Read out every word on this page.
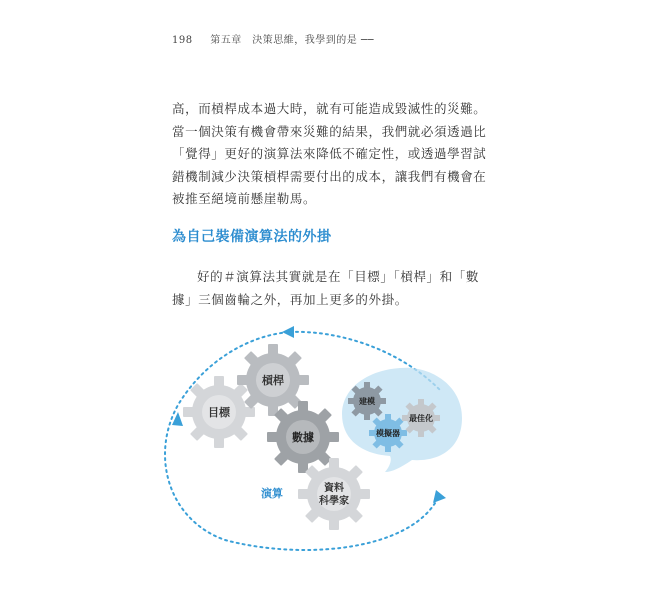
198 第五章　決策思維，我學到的是 ──

高，而槓桿成本過大時，就有可能造成毀滅性的災難。當一個決策有機會帶來災難的結果，我們就必須透過比「覺得」更好的演算法來降低不確定性，或透過學習試錯機制減少決策槓桿需要付出的成本，讓我們有機會在被推至絕境前懸崖勒馬。

為自己裝備演算法的外掛

好的＃演算法其實就是在「目標」「槓桿」和「數據」三個齒輪之外，再加上更多的外掛。

目標
槓桿
數據
資料
科學家
演算
建模
模擬器
最佳化
